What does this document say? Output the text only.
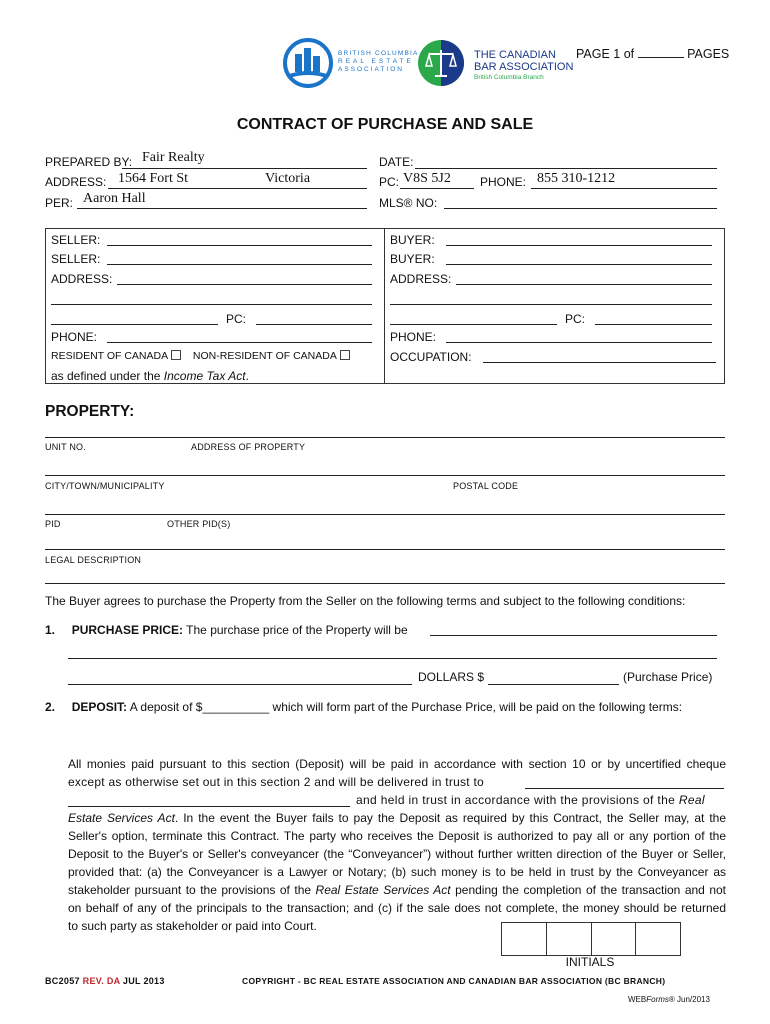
BRITISH COLUMBIA
REAL ESTATE
ASSOCIATION
THE CANADIAN
BAR ASSOCIATION
British Columbia Branch
PAGE 1 of	PAGES
CONTRACT OF PURCHASE AND SALE
PREPARED BY: Fair Realty
ADDRESS: 1564 Fort St	Victoria
PER: Aaron Hall
DATE:
PC: V8S 5J2 PHONE: 855 310-1212
MLS® NO:
SELLER:
SELLER:
ADDRESS:
PC:
PHONE:
RESIDENT OF CANADA NON-RESIDENT OF CANADA
as defined under the Income Tax Act.
BUYER:
BUYER:
ADDRESS:
PC:
PHONE:
OCCUPATION:
PROPERTY:
UNIT NO.	ADDRESS OF PROPERTY
CITY/TOWN/MUNICIPALITY	POSTAL CODE
PID	OTHER PID(S)
LEGAL DESCRIPTION
The Buyer agrees to purchase the Property from the Seller on the following terms and subject to the following conditions:
1. PURCHASE PRICE: The purchase price of the Property will be
DOLLARS $	(Purchase Price)
2. DEPOSIT: A deposit of $__________ which will form part of the Purchase Price, will be paid on the following terms:
All monies paid pursuant to this section (Deposit) will be paid in accordance with section 10 or by uncertified cheque
except as otherwise set out in this section 2 and will be delivered in trust to
and held in trust in accordance with the provisions of the Real
Estate Services Act. In the event the Buyer fails to pay the Deposit as required by this Contract, the Seller may, at the
Seller's option, terminate this Contract. The party who receives the Deposit is authorized to pay all or any portion of the
Deposit to the Buyer's or Seller's conveyancer (the “Conveyancer”) without further written direction of the Buyer or Seller,
provided that: (a) the Conveyancer is a Lawyer or Notary; (b) such money is to be held in trust by the Conveyancer as
stakeholder pursuant to the provisions of the Real Estate Services Act pending the completion of the transaction and not
on behalf of any of the principals to the transaction; and (c) if the sale does not complete, the money should be returned
to such party as stakeholder or paid into Court.
INITIALS
BC2057 REV. DA JUL 2013	COPYRIGHT - BC REAL ESTATE ASSOCIATION AND CANADIAN BAR ASSOCIATION (BC BRANCH)
WEBForms® Jun/2013
